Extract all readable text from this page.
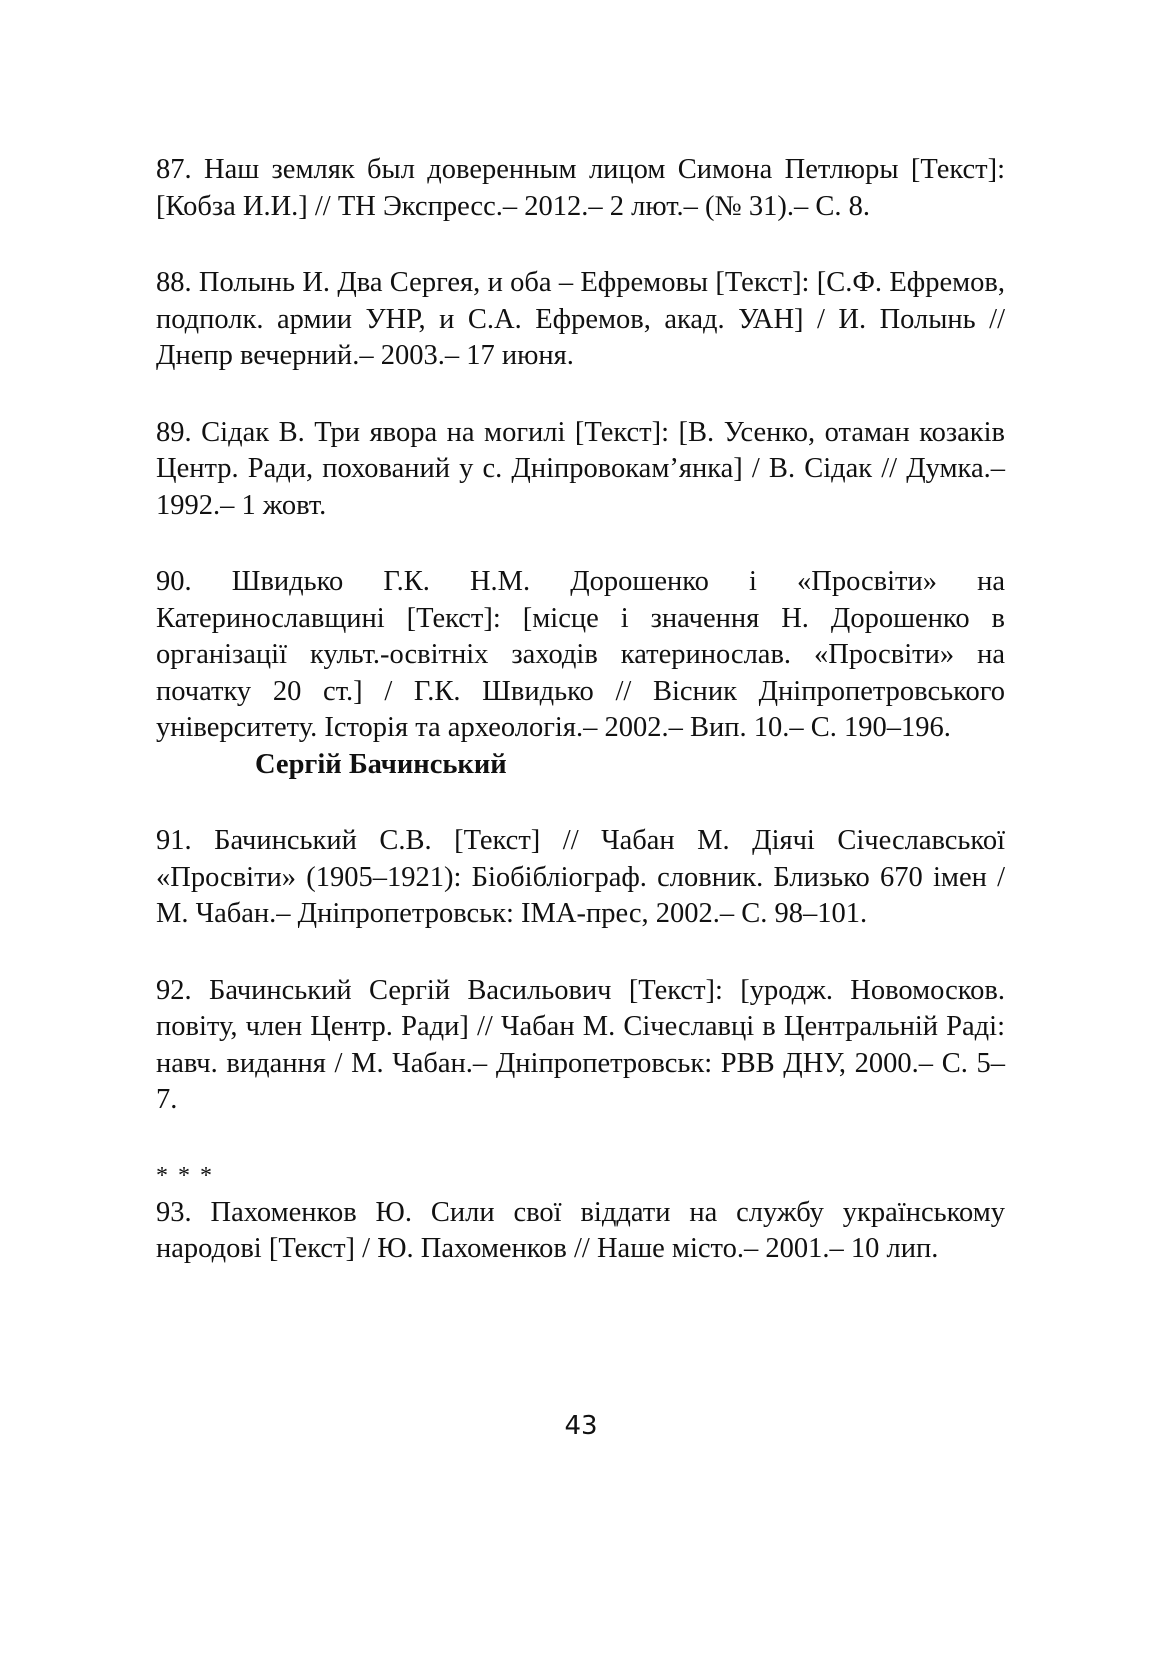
87. Наш земляк был доверенным лицом Симона Петлюры [Текст]: [Кобза И.И.] // ТН Экспресс.– 2012.– 2 лют.– (№ 31).– С. 8.

88. Полынь И. Два Сергея, и оба – Ефремовы [Текст]: [С.Ф. Ефремов, подполк. армии УНР, и С.А. Ефремов, акад. УАН] / И. Полынь // Днепр вечерний.– 2003.– 17 июня.

89. Сідак В. Три явора на могилі [Текст]: [В. Усенко, отаман козаків Центр. Ради, похований у с. Дніпровокам’янка] / В. Сідак // Думка.– 1992.– 1 жовт.

90. Швидько Г.К. Н.М. Дорошенко і «Просвіти» на Катеринославщині [Текст]: [місце і значення Н. Дорошенко в організації культ.-освітніх заходів катеринослав. «Просвіти» на початку 20 ст.] / Г.К. Швидько // Вісник Дніпропетровського університету. Історія та археологія.– 2002.– Вип. 10.– С. 190–196.

Сергій Бачинський

91. Бачинський С.В. [Текст] // Чабан М. Діячі Січеславської «Просвіти» (1905–1921): Біобібліограф. словник. Близько 670 імен / М. Чабан.– Дніпропетровськ: ІМА-прес, 2002.– С. 98–101.

92. Бачинський Сергій Васильович [Текст]: [уродж. Новомосков. повіту, член Центр. Ради] // Чабан М. Січеславці в Центральній Раді: навч. видання / М. Чабан.– Дніпропетровськ: РВВ ДНУ, 2000.– С. 5–7.

* * *

93. Пахоменков Ю. Сили свої віддати на службу українському народові [Текст] / Ю. Пахоменков // Наше місто.– 2001.– 10 лип.

43
